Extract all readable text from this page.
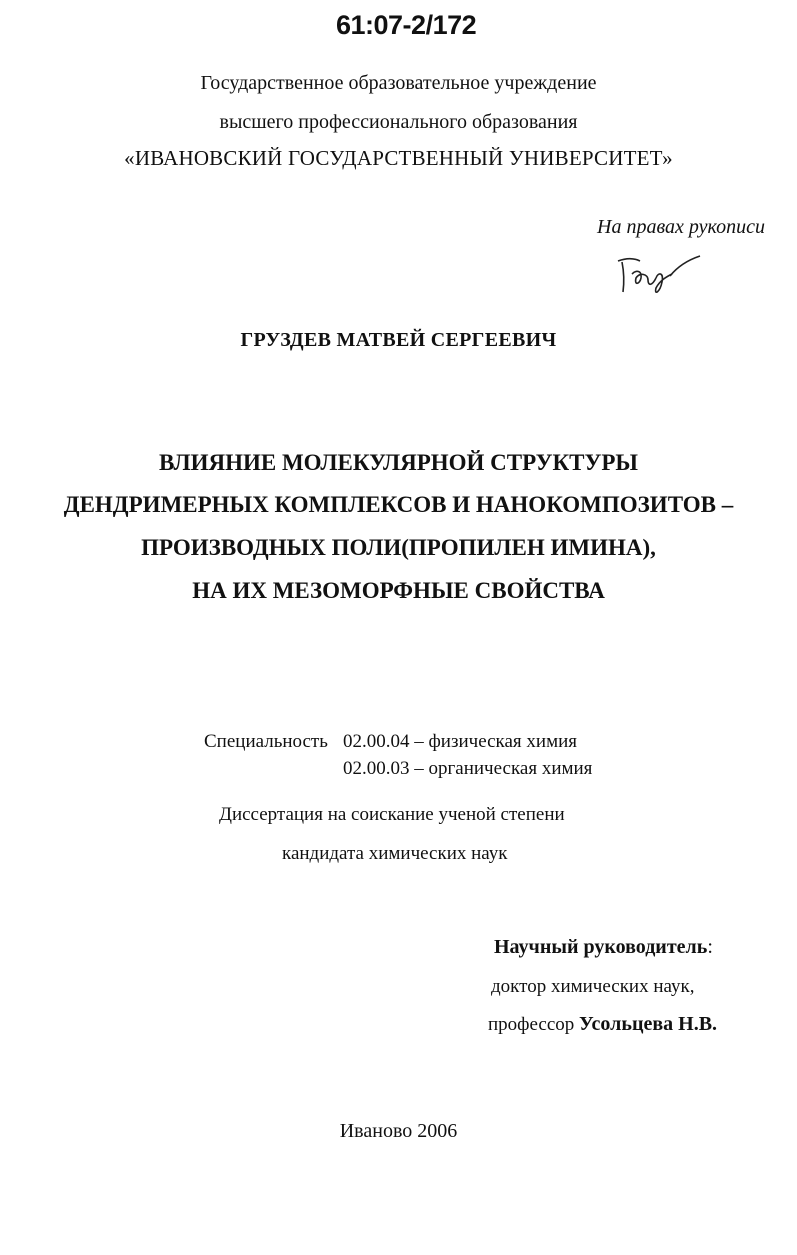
61:07-2/172
Государственное образовательное учреждение
высшего профессионального образования
«ИВАНОВСКИЙ ГОСУДАРСТВЕННЫЙ УНИВЕРСИТЕТ»
На правах рукописи
ГРУЗДЕВ МАТВЕЙ СЕРГЕЕВИЧ
ВЛИЯНИЕ МОЛЕКУЛЯРНОЙ СТРУКТУРЫ
ДЕНДРИМЕРНЫХ КОМПЛЕКСОВ И НАНОКОМПОЗИТОВ –
ПРОИЗВОДНЫХ ПОЛИ(ПРОПИЛЕН ИМИНА),
НА ИХ МЕЗОМОРФНЫЕ СВОЙСТВА
Специальность 02.00.04 – физическая химия
02.00.03 – органическая химия
Диссертация на соискание ученой степени
кандидата химических наук
Научный руководитель:
доктор химических наук,
профессор Усольцева Н.В.
Иваново 2006
